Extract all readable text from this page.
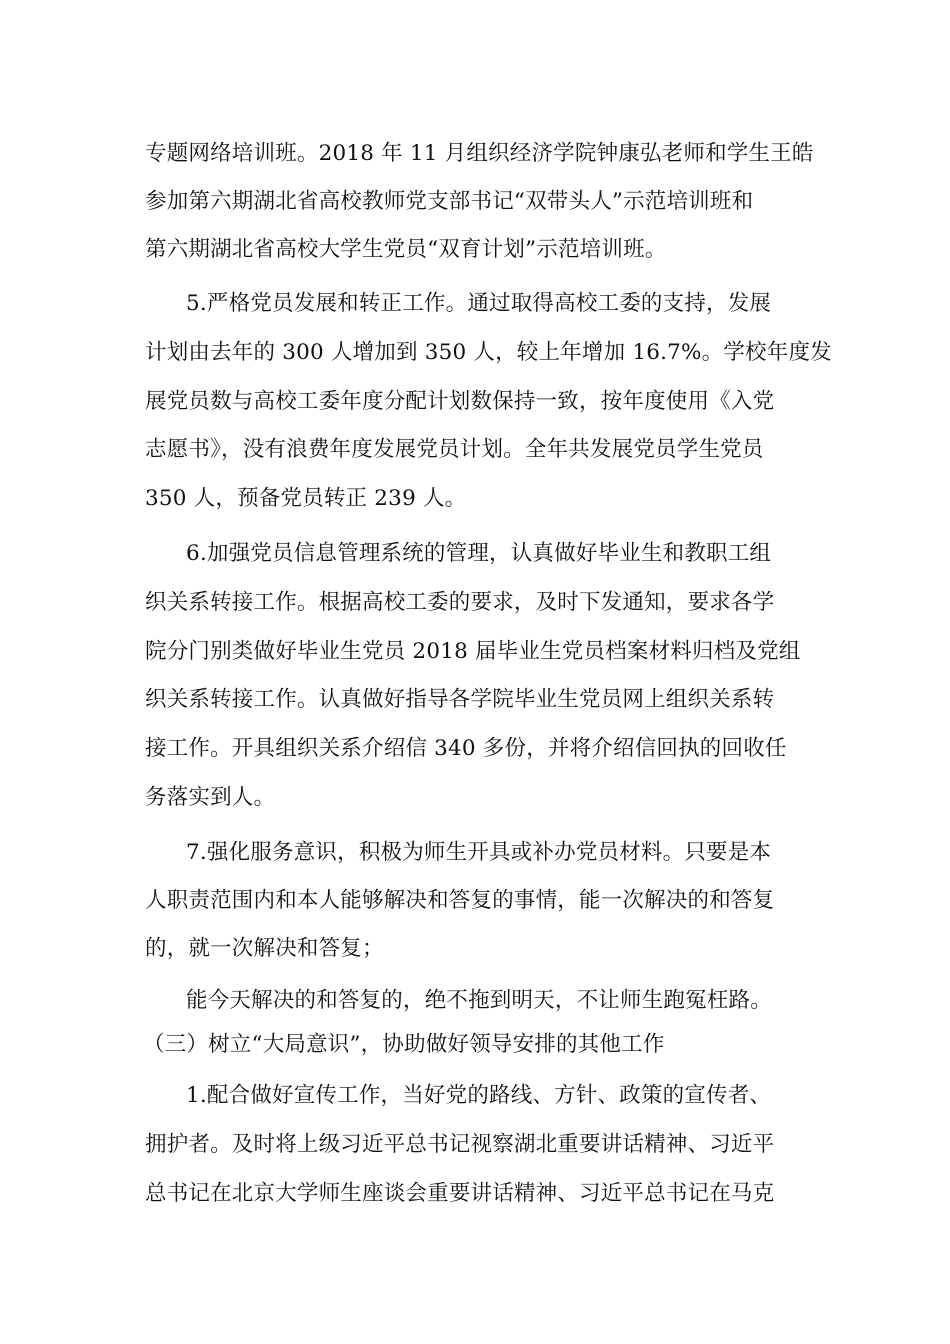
专题网络培训班。2018 年 11 月组织经济学院钟康弘老师和学生王皓
参加第六期湖北省高校教师党支部书记“双带头人”示范培训班和
第六期湖北省高校大学生党员“双育计划”示范培训班。
5.严格党员发展和转正工作。通过取得高校工委的支持，发展
计划由去年的 300 人增加到 350 人，较上年增加 16.7%。学校年度发
展党员数与高校工委年度分配计划数保持一致，按年度使用《入党
志愿书》，没有浪费年度发展党员计划。全年共发展党员学生党员
350 人，预备党员转正 239 人。
6.加强党员信息管理系统的管理，认真做好毕业生和教职工组
织关系转接工作。根据高校工委的要求，及时下发通知，要求各学
院分门别类做好毕业生党员 2018 届毕业生党员档案材料归档及党组
织关系转接工作。认真做好指导各学院毕业生党员网上组织关系转
接工作。开具组织关系介绍信 340 多份，并将介绍信回执的回收任
务落实到人。
7.强化服务意识，积极为师生开具或补办党员材料。只要是本
人职责范围内和本人能够解决和答复的事情，能一次解决的和答复
的，就一次解决和答复；
能今天解决的和答复的，绝不拖到明天，不让师生跑冤枉路。
（三）树立“大局意识”，协助做好领导安排的其他工作
1.配合做好宣传工作，当好党的路线、方针、政策的宣传者、
拥护者。及时将上级习近平总书记视察湖北重要讲话精神、习近平
总书记在北京大学师生座谈会重要讲话精神、习近平总书记在马克
